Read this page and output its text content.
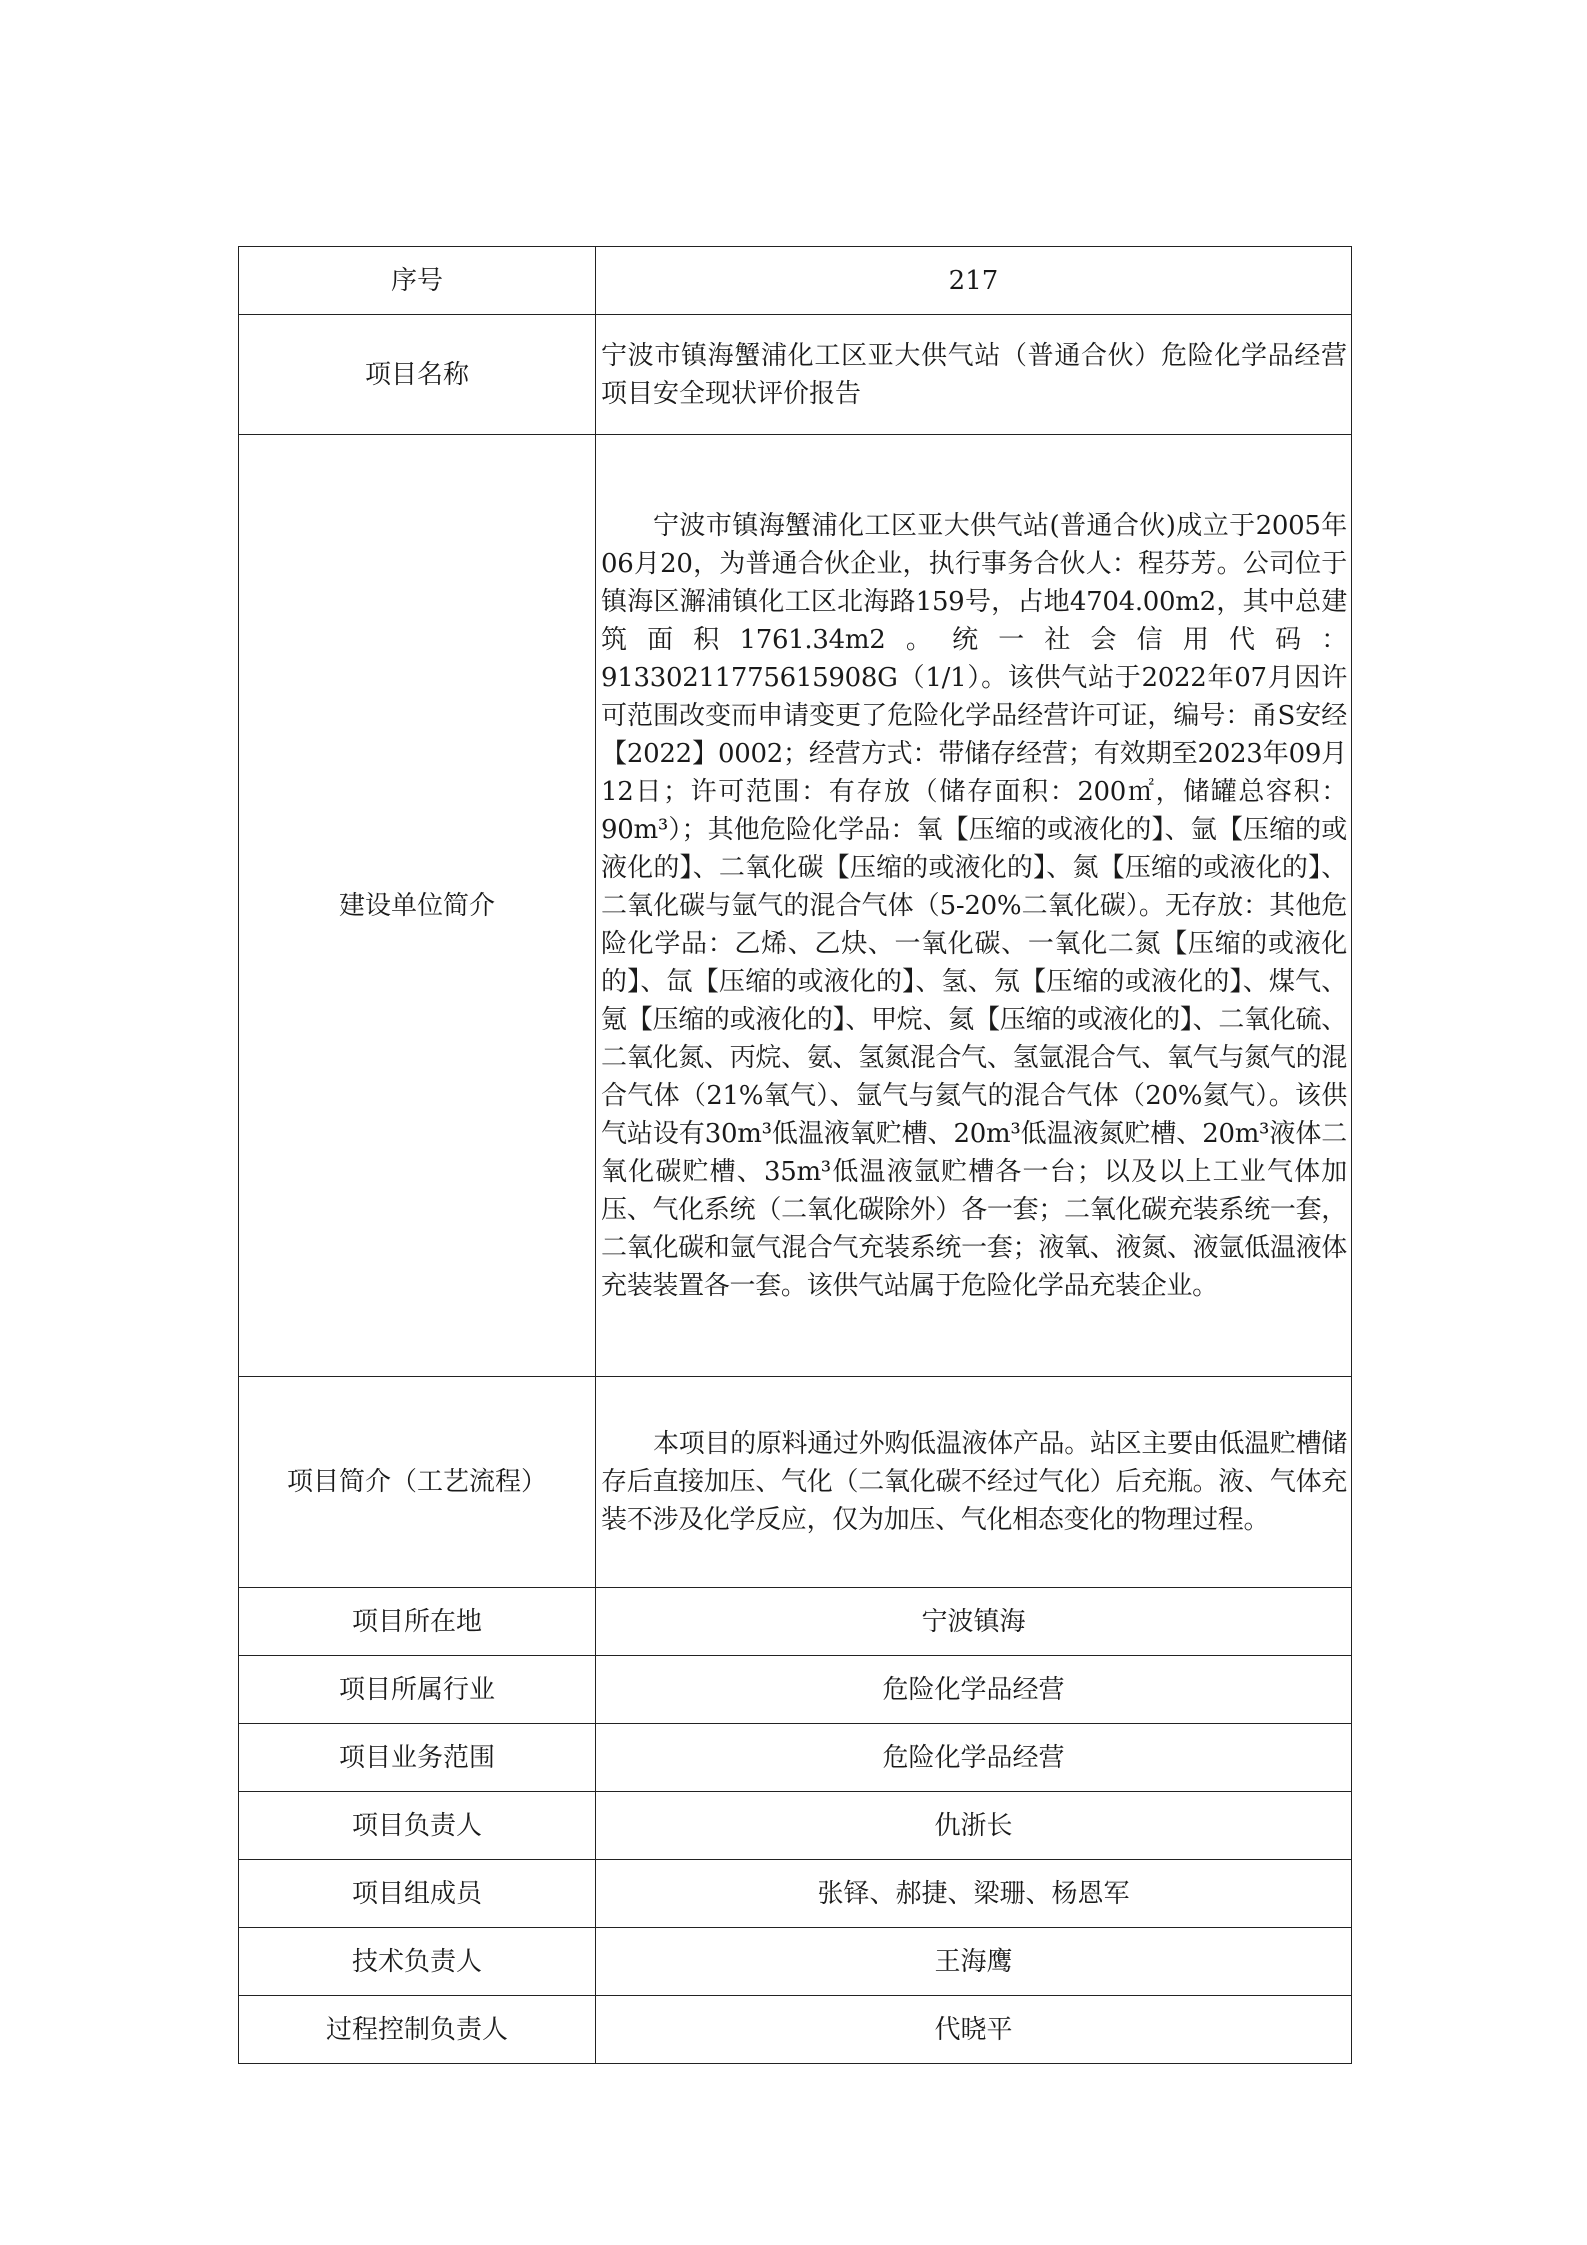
序号	217
项目名称	宁波市镇海蟹浦化工区亚大供气站（普通合伙）危险化学品经营项目安全现状评价报告
建设单位简介	宁波市镇海蟹浦化工区亚大供气站(普通合伙)成立于2005年06月20，为普通合伙企业，执行事务合伙人：程芬芳。公司位于镇海区澥浦镇化工区北海路159号，占地4704.00m2，其中总建筑面积1761.34m2。统一社会信用代码：91330211775615908G（1/1）。该供气站于2022年07月因许可范围改变而申请变更了危险化学品经营许可证，编号：甬S安经【2022】0002；经营方式：带储存经营；有效期至2023年09月12日；许可范围：有存放（储存面积：200㎡，储罐总容积：90m³）；其他危险化学品：氧【压缩的或液化的】、氩【压缩的或液化的】、二氧化碳【压缩的或液化的】、氮【压缩的或液化的】、二氧化碳与氩气的混合气体（5-20%二氧化碳）。无存放：其他危险化学品：乙烯、乙炔、一氧化碳、一氧化二氮【压缩的或液化的】、氙【压缩的或液化的】、氢、氖【压缩的或液化的】、煤气、氪【压缩的或液化的】、甲烷、氦【压缩的或液化的】、二氧化硫、二氧化氮、丙烷、氨、氢氮混合气、氢氩混合气、氧气与氮气的混合气体（21%氧气）、氩气与氦气的混合气体（20%氦气）。该供气站设有30m³低温液氧贮槽、20m³低温液氮贮槽、20m³液体二氧化碳贮槽、35m³低温液氩贮槽各一台；以及以上工业气体加压、气化系统（二氧化碳除外）各一套；二氧化碳充装系统一套，二氧化碳和氩气混合气充装系统一套；液氧、液氮、液氩低温液体充装装置各一套。该供气站属于危险化学品充装企业。

项目简介（工艺流程）	本项目的原料通过外购低温液体产品。站区主要由低温贮槽储存后直接加压、气化（二氧化碳不经过气化）后充瓶。液、气体充装不涉及化学反应，仅为加压、气化相态变化的物理过程。

项目所在地	宁波镇海
项目所属行业	危险化学品经营
项目业务范围	危险化学品经营
项目负责人	仇浙长
项目组成员	张铎、郝捷、梁珊、杨恩军
技术负责人	王海鹰
过程控制负责人	代晓平
